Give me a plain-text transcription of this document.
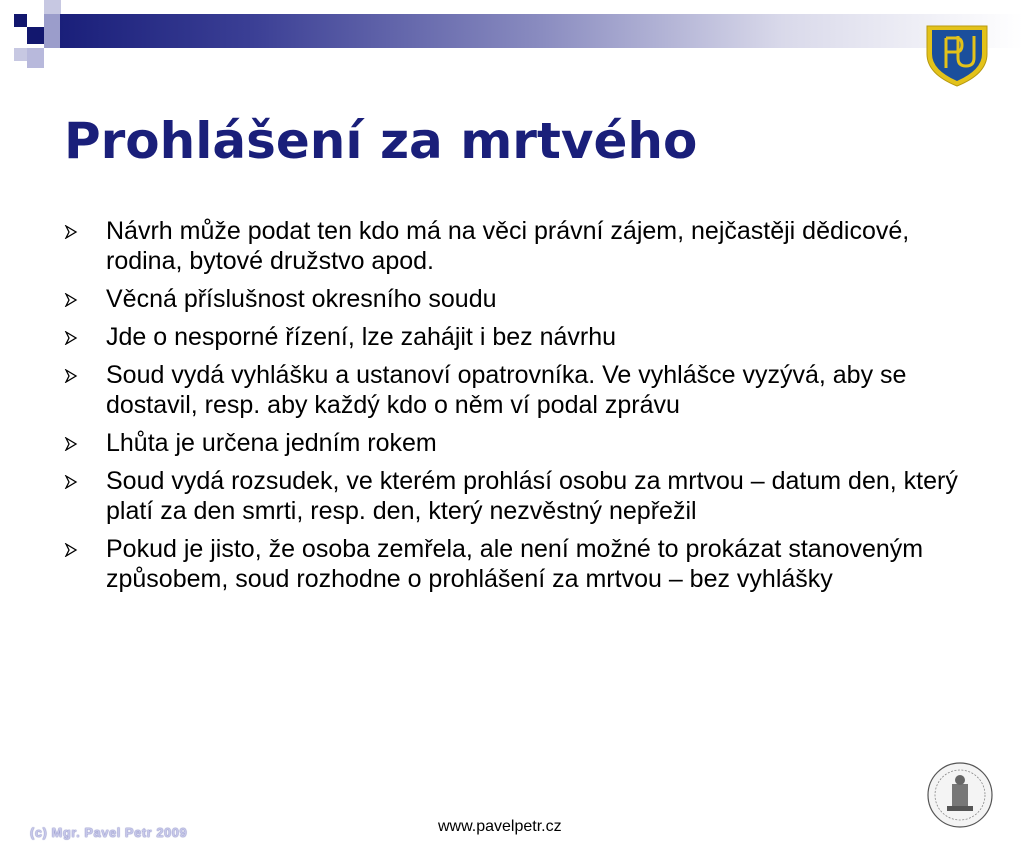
Prohlášení za mrtvého
Návrh může podat ten kdo má na věci právní zájem, nejčastěji dědicové, rodina, bytové družstvo apod.
Věcná příslušnost okresního soudu
Jde o nesporné řízení, lze zahájit i bez návrhu
Soud vydá vyhlášku a ustanoví opatrovníka. Ve vyhlášce vyzývá, aby se dostavil, resp. aby každý kdo o něm ví podal zprávu
Lhůta je určena jedním rokem
Soud vydá rozsudek, ve kterém prohlásí osobu za mrtvou – datum den, který platí za den smrti, resp. den, který nezvěstný nepřežil
Pokud je jisto, že osoba zemřela, ale není možné to prokázat stanoveným způsobem, soud rozhodne o prohlášení za mrtvou – bez vyhlášky
(c) Mgr. Pavel Petr 2009	www.pavelpetr.cz
